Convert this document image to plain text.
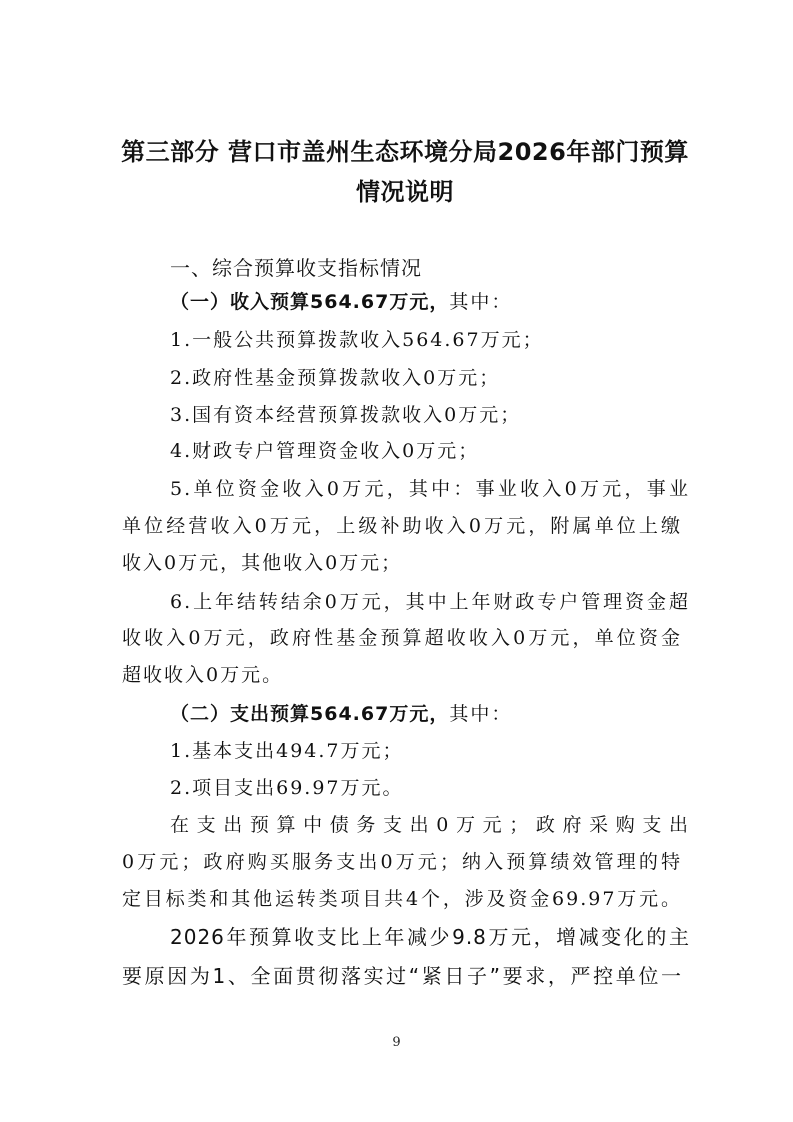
第三部分 营口市盖州生态环境分局2026年部门预算
情况说明
一、综合预算收支指标情况
（一）收入预算564.67万元，其中：
1.一般公共预算拨款收入564.67万元；
2.政府性基金预算拨款收入0万元；
3.国有资本经营预算拨款收入0万元；
4.财政专户管理资金收入0万元；
5.单位资金收入0万元，其中：事业收入0万元，事业
单位经营收入0万元，上级补助收入0万元，附属单位上缴
收入0万元，其他收入0万元；
6.上年结转结余0万元，其中上年财政专户管理资金超
收收入0万元，政府性基金预算超收收入0万元，单位资金
超收收入0万元。
（二）支出预算564.67万元，其中：
1.基本支出494.7万元；
2.项目支出69.97万元。
在支出预算中债务支出0万元；政府采购支出
0万元；政府购买服务支出0万元；纳入预算绩效管理的特
定目标类和其他运转类项目共4个，涉及资金69.97万元。
2026年预算收支比上年减少9.8万元，增减变化的主
要原因为1、全面贯彻落实过“紧日子”要求，严控单位一
9
